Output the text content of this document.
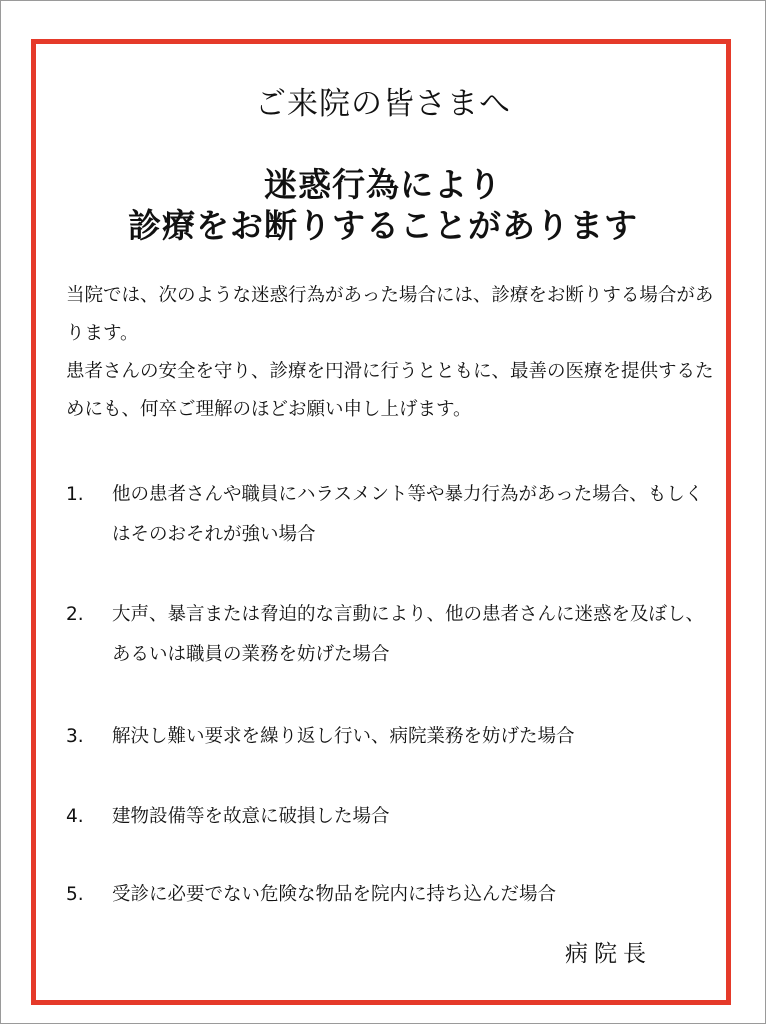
ご来院の皆さまへ
迷惑行為により
診療をお断りすることがあります

当院では、次のような迷惑行為があった場合には、診療をお断りする場合があります。

患者さんの安全を守り、診療を円滑に行うとともに、最善の医療を提供するためにも、何卒ご理解のほどお願い申し上げます。

1.	他の患者さんや職員にハラスメント等や暴力行為があった場合、もしくはそのおそれが強い場合
2.	大声、暴言または脅迫的な言動により、他の患者さんに迷惑を及ぼし、あるいは職員の業務を妨げた場合
3.	解決し難い要求を繰り返し行い、病院業務を妨げた場合
4.	建物設備等を故意に破損した場合
5.	受診に必要でない危険な物品を院内に持ち込んだ場合
病院長
